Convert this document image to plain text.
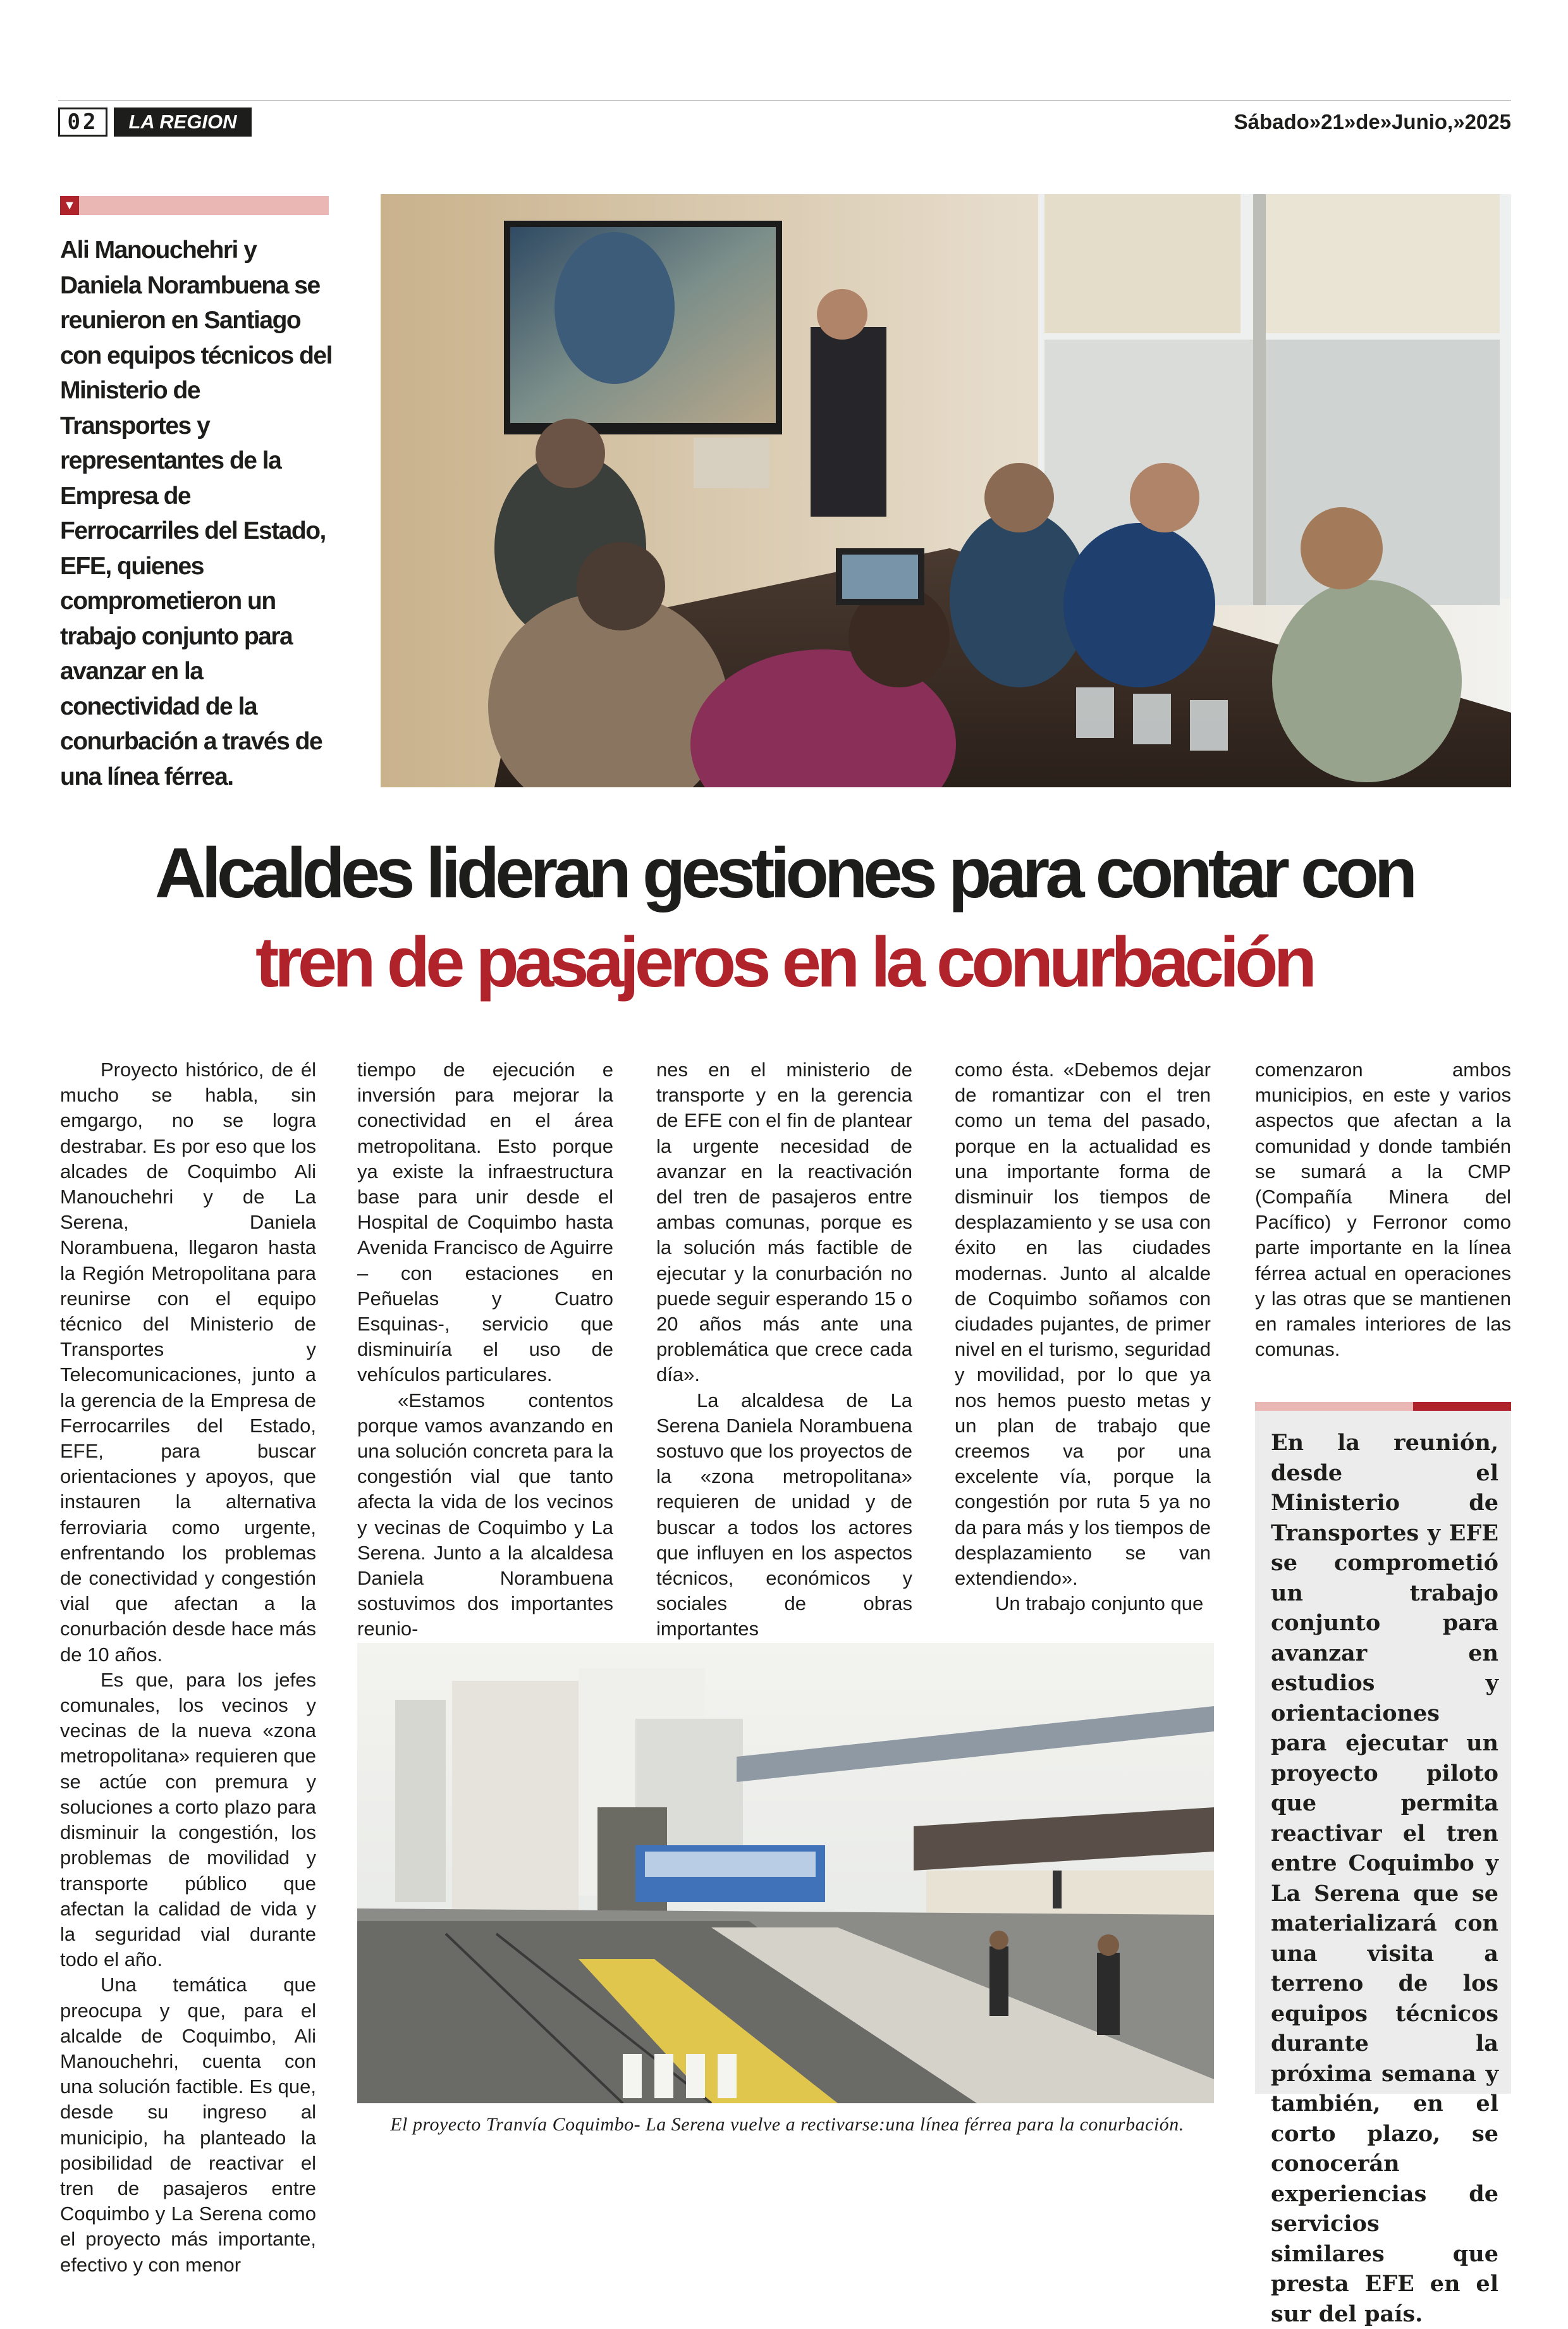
02	LA REGION	Sábado»21»de»Junio,»2025
▼
Ali Manouchehri y Daniela Norambuena se reunieron en Santiago con equipos técnicos del Ministerio de Transportes y representantes de la Empresa de Ferrocarriles del Estado, EFE, quienes comprometieron un trabajo conjunto para avanzar en la conectividad de la conurbación a través de una línea férrea.
Alcaldes lideran gestiones para contar con
tren de pasajeros en la conurbación

Proyecto histórico, de él mucho se habla, sin emgargo, no se logra destrabar. Es por eso que los alcades de Coquimbo Ali Manouchehri y de La Serena, Daniela Norambuena, llegaron hasta la Región Metropolitana para reunirse con el equipo técnico del Ministerio de Transportes y Telecomunicaciones, junto a la gerencia de la Empresa de Ferrocarriles del Estado, EFE, para buscar orientaciones y apoyos, que instauren la alternativa ferroviaria como urgente, enfrentando los problemas de conectividad y congestión vial que afectan a la conurbación desde hace más de 10 años.

Es que, para los jefes comunales, los vecinos y vecinas de la nueva «zona metropolitana» requieren que se actúe con premura y soluciones a corto plazo para disminuir la congestión, los problemas de movilidad y transporte público que afectan la calidad de vida y la seguridad vial durante todo el año.

Una temática que preocupa y que, para el alcalde de Coquimbo, Ali Manouchehri, cuenta con una solución factible. Es que, desde su ingreso al municipio, ha planteado la posibilidad de reactivar el tren de pasajeros entre Coquimbo y La Serena como el proyecto más importante, efectivo y con menor

tiempo de ejecución e inversión para mejorar la conectividad en el área metropolitana. Esto porque ya existe la infraestructura base para unir desde el Hospital de Coquimbo hasta Avenida Francisco de Aguirre – con estaciones en Peñuelas y Cuatro Esquinas-, servicio que disminuiría el uso de vehículos particulares.

«Estamos contentos porque vamos avanzando en una solución concreta para la congestión vial que tanto afecta la vida de los vecinos y vecinas de Coquimbo y La Serena. Junto a la alcaldesa Daniela Norambuena sostuvimos dos importantes reunio-

nes en el ministerio de transporte y en la gerencia de EFE con el fin de plantear la urgente necesidad de avanzar en la reactivación del tren de pasajeros entre ambas comunas, porque es la solución más factible de ejecutar y la conurbación no puede seguir esperando 15 o 20 años más ante una problemática que crece cada día».

La alcaldesa de La Serena Daniela Norambuena sostuvo que los proyectos de la «zona metropolitana» requieren de unidad y de buscar a todos los actores que influyen en los aspectos técnicos, económicos y sociales de obras importantes

como ésta. «Debemos dejar de romantizar con el tren como un tema del pasado, porque en la actualidad es una importante forma de disminuir los tiempos de desplazamiento y se usa con éxito en las ciudades modernas. Junto al alcalde de Coquimbo soñamos con ciudades pujantes, de primer nivel en el turismo, seguridad y movilidad, por lo que ya nos hemos puesto metas y un plan de trabajo que creemos va por una excelente vía, porque la congestión por ruta 5 ya no da para más y los tiempos de desplazamiento se van extendiendo».

Un trabajo conjunto que

comenzaron ambos municipios, en este y varios aspectos que afectan a la comunidad y donde también se sumará a la CMP (Compañía Minera del Pacífico) y Ferronor como parte importante en la línea férrea actual en operaciones y las otras que se mantienen en ramales interiores de las comunas.

En la reunión, desde el Ministerio de Transportes y EFE se comprometió un trabajo conjunto para avanzar en estudios y orientaciones para ejecutar un proyecto piloto que permita reactivar el tren entre Coquimbo y La Serena que se materializará con una visita a terreno de los equipos técnicos durante la próxima semana y también, en el corto plazo, se conocerán experiencias de servicios similares que presta EFE en el sur del país.
El proyecto Tranvía Coquimbo- La Serena vuelve a rectivarse:una línea férrea para la conurbación.
